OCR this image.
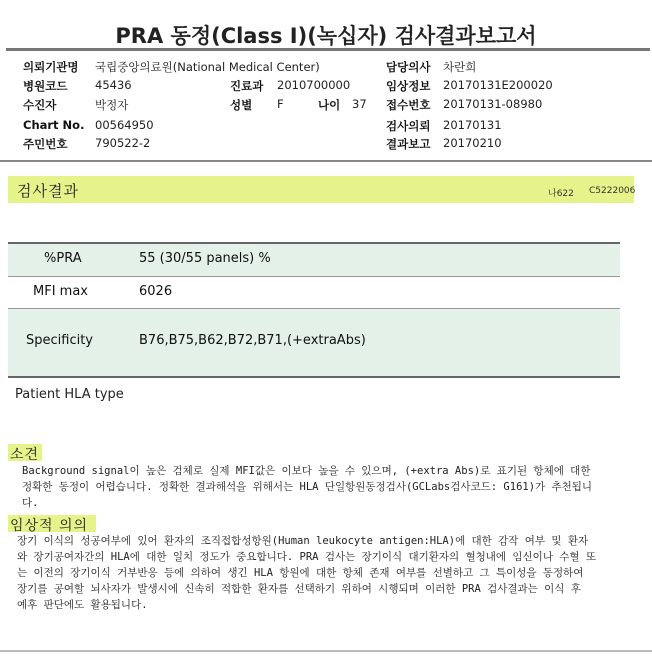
PRA 동정(Class I)(녹십자) 검사결과보고서
의뢰기관명 국립중앙의료원(National Medical Center)	담당의사 차란희
병원코드 45436	진료과 2010700000	임상정보 20170131E200020
수진자	박정자	성별 F	나이 37 접수번호 20170131-08980
Chart No. 00564950	검사의뢰 20170131
주민번호 790522-2	결과보고 20170210
검사결과	나622 C5222006
%PRA	55 (30/55 panels) %
MFI max	6026
Specificity	B76,B75,B62,B72,B71,(+extraAbs)
Patient HLA type
소견
Background signal이 높은 검체로 실제 MFI값은 이보다 높을 수 있으며, (+extra Abs)로 표기된 항체에 대한 정확한 동정이 어렵습니다. 정확한 결과해석을 위해서는 HLA 단일항원동정검사(GCLabs검사코드: G161)가 추천됩니다.
임상적 의의
장기 이식의 성공여부에 있어 환자의 조직접합성항원(Human leukocyte antigen:HLA)에 대한 감작 여부 및 환자와 장기공여자간의 HLA에 대한 일치 정도가 중요합니다. PRA 검사는 장기이식 대기환자의 혈청내에 임신이나 수혈 또는 이전의 장기이식 거부반응 등에 의하여 생긴 HLA 항원에 대한 항체 존재 여부를 선별하고 그 특이성을 동정하여 장기를 공여할 뇌사자가 발생시에 신속히 적합한 환자를 선택하기 위하여 시행되며 이러한 PRA 검사결과는 이식 후 예후 판단에도 활용됩니다.
